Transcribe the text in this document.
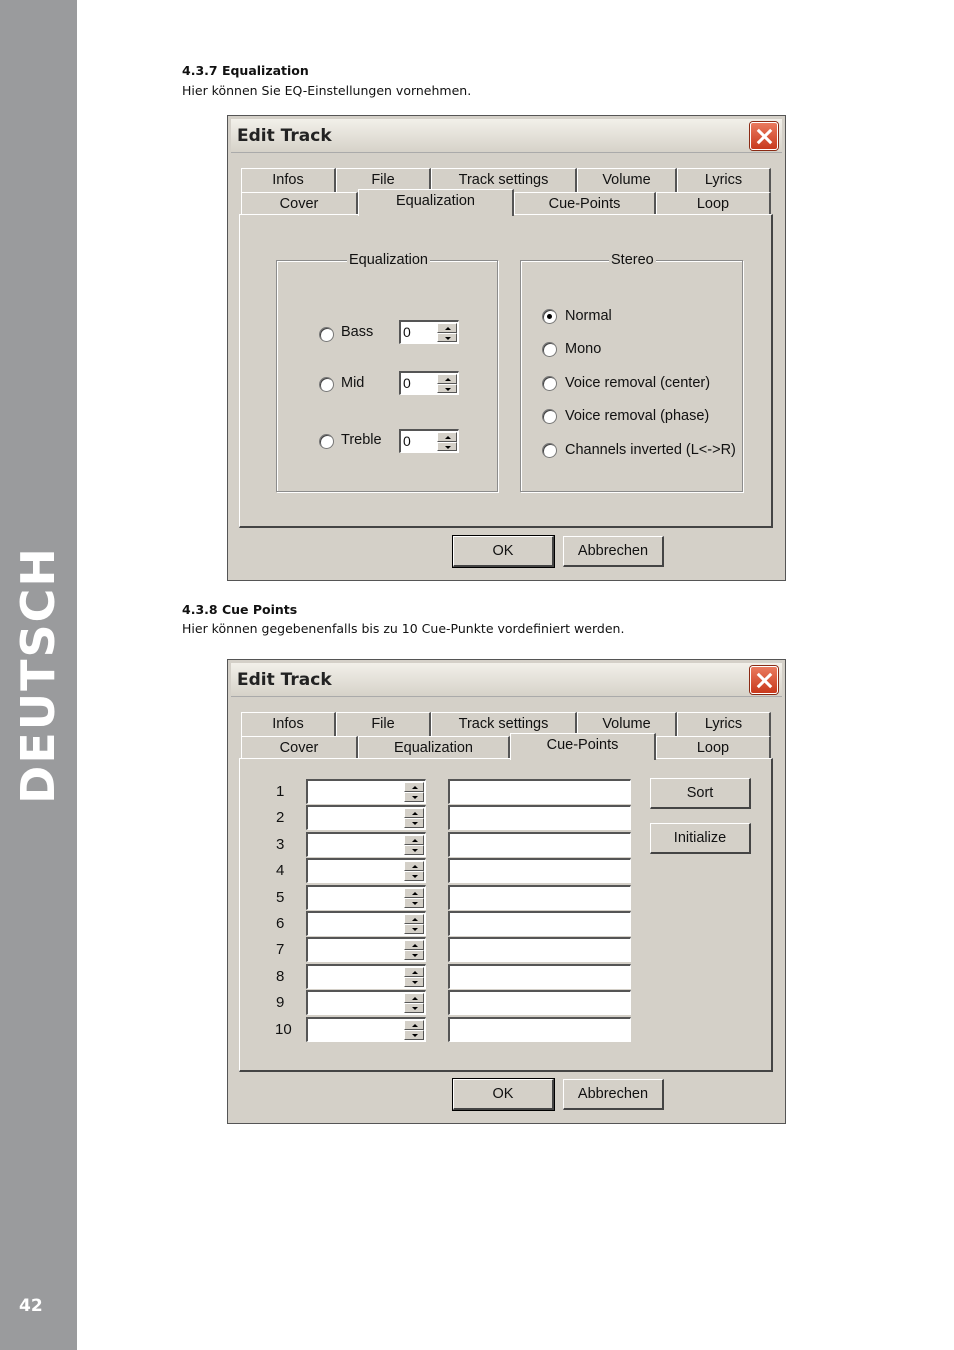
DEUTSCH
42
4.3.7 Equalization
Hier können Sie EQ-Einstellungen vornehmen.
Edit Track
Infos	File	Track settings	Volume	Lyrics
Cover	Equalization	Cue-Points	Loop
Equalization
Bass 0
Mid	0
Treble 0
Stereo
Normal
Mono
Voice removal (center)
Voice removal (phase)
Channels inverted (L<->R)
OK	Abbrechen
4.3.8 Cue Points
Hier können gegebenenfalls bis zu 10 Cue-Punkte vordefiniert werden.
Edit Track
Infos	File	Track settings	Volume	Lyrics
Cover	Equalization	Cue-Points	Loop
1
2
3
4
5
6
7
8
9
10
Sort
Initialize
OK	Abbrechen
